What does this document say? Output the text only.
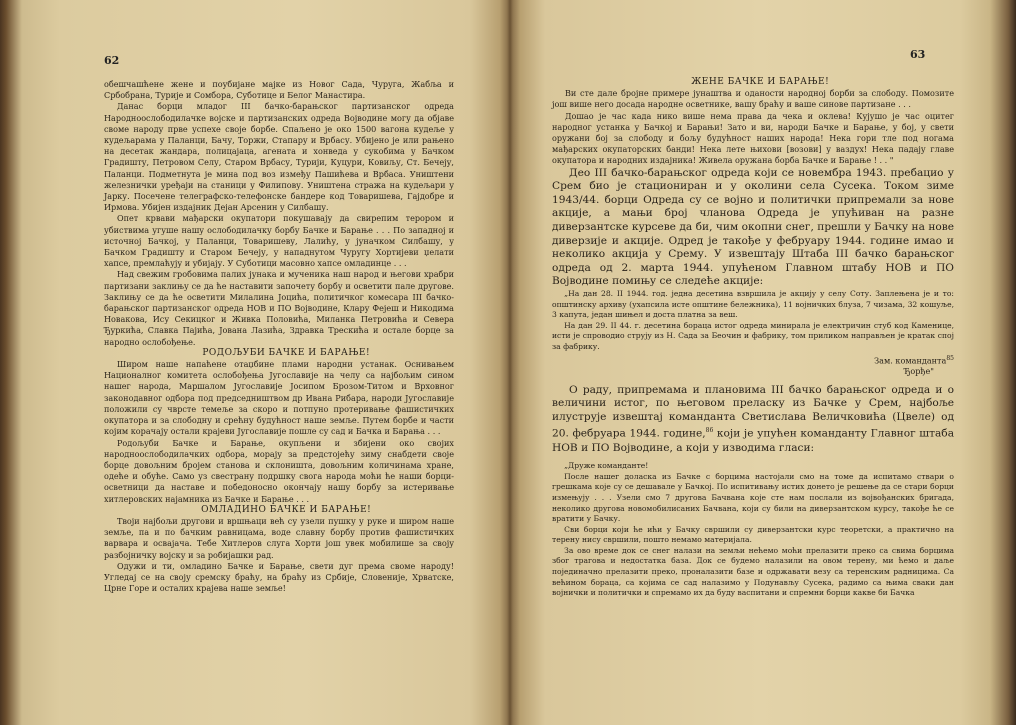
62

обешчашћене жене и поубијане мајке из Новог Сада, Чуруга, Жабља и Србобрана, Турије и Сомбора, Суботице и Белог Манастира.

Данас борци младог III бачко-барањског партизанског одреда Народноослободилачке војске и партизанских одреда Војводине могу да објаве своме народу прве успехе своје борбе. Спаљено је око 1500 вагона кудеље у кудељарама у Паланци, Бачу, Торжи, Стапару и Врбасу. Убијено је или рањено на десетак жандара, полицајаца, агената и хонведа у сукобима у Бачком Градишту, Петровом Селу, Старом Врбасу, Турији, Куцури, Ковиљу, Ст. Бечеју, Паланци. Подметнута је мина под воз између Пашићева и Врбаса. Уништени железнички уређаји на станици у Филипову. Уништена стража на кудељари у Јарку. Посечене телеграфско-телефонске бандере код Товаришева, Гајдобре и Ирмова. Убијен издајник Дејан Арсенин у Силбашу.

Опет крвави мађарски окупатори покушавају да свирепим терором и убиствима угуше нашу ослободилачку борбу Бачке и Барање . . . По западној и источној Бачкој, у Паланци, Товаришеву, Лалићу, у јуначком Силбашу, у Бачком Градишту и Старом Бечеју, у нападнутом Чуругу Хортијеви џелати хапсе, премлаћују и убијају. У Суботици масовно хапсе омладинце . . .

Над свежим гробовима палих јунака и мученика наш народ и његови храбри партизани заклињу се да ће наставити започету борбу и осветити пале другове. Заклињу се да ће осветити Милалина Јоцића, политичког комесара III бачко-барањског партизанског одреда НОВ и ПО Војводине, Клару Фејеш и Никодима Новакова, Ису Секицког и Живка Половића, Миланка Петровића и Северa Ђуркића, Славка Пајића, Јована Лазића, Здравка Трескића и остале борце за народно ослобођење.

РОДОЉУБИ БАЧКЕ И БАРАЊЕ!

Широм наше напаћене отаџбине плами народни устанак. Оснивањем Националног комитета ослобођења Југославије на челу са најбољим сином нашег народа, Маршалом Југославије Јосипом Брозом-Титом и Врховног законодавног одбора под председништвом др Ивана Рибара, народи Југославије положили су чврсте темеље за скоро и потпуно протеривање фашистичких окупатора и за слободну и срећну будућност наше земље. Путем борбе и части којим корачају остали крајеви Југославије пошле су сад и Бачка и Барања . . .

Родољуби Бачке и Барање, окупљени и збијени око својих народноослободилачких одбора, морају за предстојећу зиму снабдети своје борце довољним бројем станова и склоништа, довољним количинама хране, одеће и обуће. Само уз свестрану подршку свога народа моћи ће наши борци-осветници да наставе и победоносно окончају нашу борбу за истеривање хитлеровских најамника из Бачке и Барање . . .

ОМЛАДИНО БАЧКЕ И БАРАЊЕ!

Твоји најбољи другови и вршњаци већ су узели пушку у руке и широм наше земље, па и по бачким равницама, воде славну борбу против фашистичких варвара и освајача. Тебе Хитлеров слуга Хорти још увек мобилише за своју разбојничку војску и за робијашки рад.

Одужи и ти, омладино Бачке и Барање, свети дуг према своме народу! Угледај се на своју сремску браћу, на браћу из Србије, Словеније, Хрватске, Црне Горе и осталих крајева наше земље!

63

ЖЕНЕ БАЧКЕ И БАРАЊЕ!

Ви сте дале бројне примере јунаштва и оданости народној борби за слободу. Помозите још више него досада народне осветнике, вашу браћу и ваше синове партизане . . .

Дошао је час када нико више нема права да чека и оклева! Кујушо је час оцитег народног устанка у Бачкој и Барањи! Зато и ви, народи Бачке и Барање, у бој, у свети оружани бој за слободу и бољу будућност наших народа! Нека гори тле под ногама мађарских окупаторских банди! Нека лете њихови [возови] у ваздух! Нека падају главе окупатора и народних издајника! Живела оружана борба Бачке и Барање ! . . "

Део III бачко-барањског одреда који се новембра 1943. пребацио у Срем био је стациониран и у околини села Сусека. Током зиме 1943/44. борци Одреда су се војно и политички припремали за нове акције, а мањи број чланова Одреда је упућиван на разне диверзантске курсеве да би, чим окопни снег, прешли у Бачку на нове диверзије и акције. Одред је такође у фебруару 1944. године имао и неколико акција у Срему. У извештају Штаба III бачко барањског одреда од 2. марта 1944. упућеном Главном штабу НОВ и ПО Војводине помињу се следеће акције:

„На дан 28. II 1944. год. једна десетина взвршила је акцију у селу Соту. Заплењена је и то: општинску архиву (ухапсила исте општине бележника), 11 војничких блуза, 7 чизама, 32 кошуље, 3 капута, један шињел и доста платна за веш.

На дан 29. II 44. г. десетина бораца истог одреда минирала је електричин стуб код Каменице, исти је спроводио струју из Н. Сада за Беочин и фабрику, том приликом направљен је кратак спој за фабрику.

Зам. команданта$^{85}$

Ђорђе"

О раду, припремама и плановима III бачко барањског одреда и о величини истог, по његовом преласку из Бачке у Срем, најбоље илуструје извештај команданта Светислава Величковића (Цвеле) од 20. фебруара 1944. године,$^{86}$ који је упућен команданту Главног штаба НОВ и ПО Војводине, а који у изводима гласи:

„Друже команданте!

После нашег доласка из Бачке с борцима настојали смо на томе да испитамо ствари о грешкама које су се дешавале у Бачкој. По испитивању истих донето је решење да се стари борци измењују . . . Узели смо 7 другова Бачвана које сте нам послали из војвођанских бригада, неколико другова новомобилисаних Бачвана, који су били на диверзантском курсу, такође ће се вратити у Бачку.

Сви борци који ће ићи у Бачку свршили су диверзантски курс теоретски, а практично на терену нису свршили, пошто немамо материјала.

За ово време док се снег налази на земљи нећемо моћи прелазити преко са свима борцима због трагова и недостатка база. Док се будемо налазили на овом терену, ми ћемо и даље појединачно прелазити преко, проналазити базе и одржавати везу са теренским радницима. Са већином бораца, са којима се сад налазимо у Подунављу Сусека, радимо са њима сваки дан војнички и политички и спремамо их да буду васпитани и спремни борци какве би Бачка
